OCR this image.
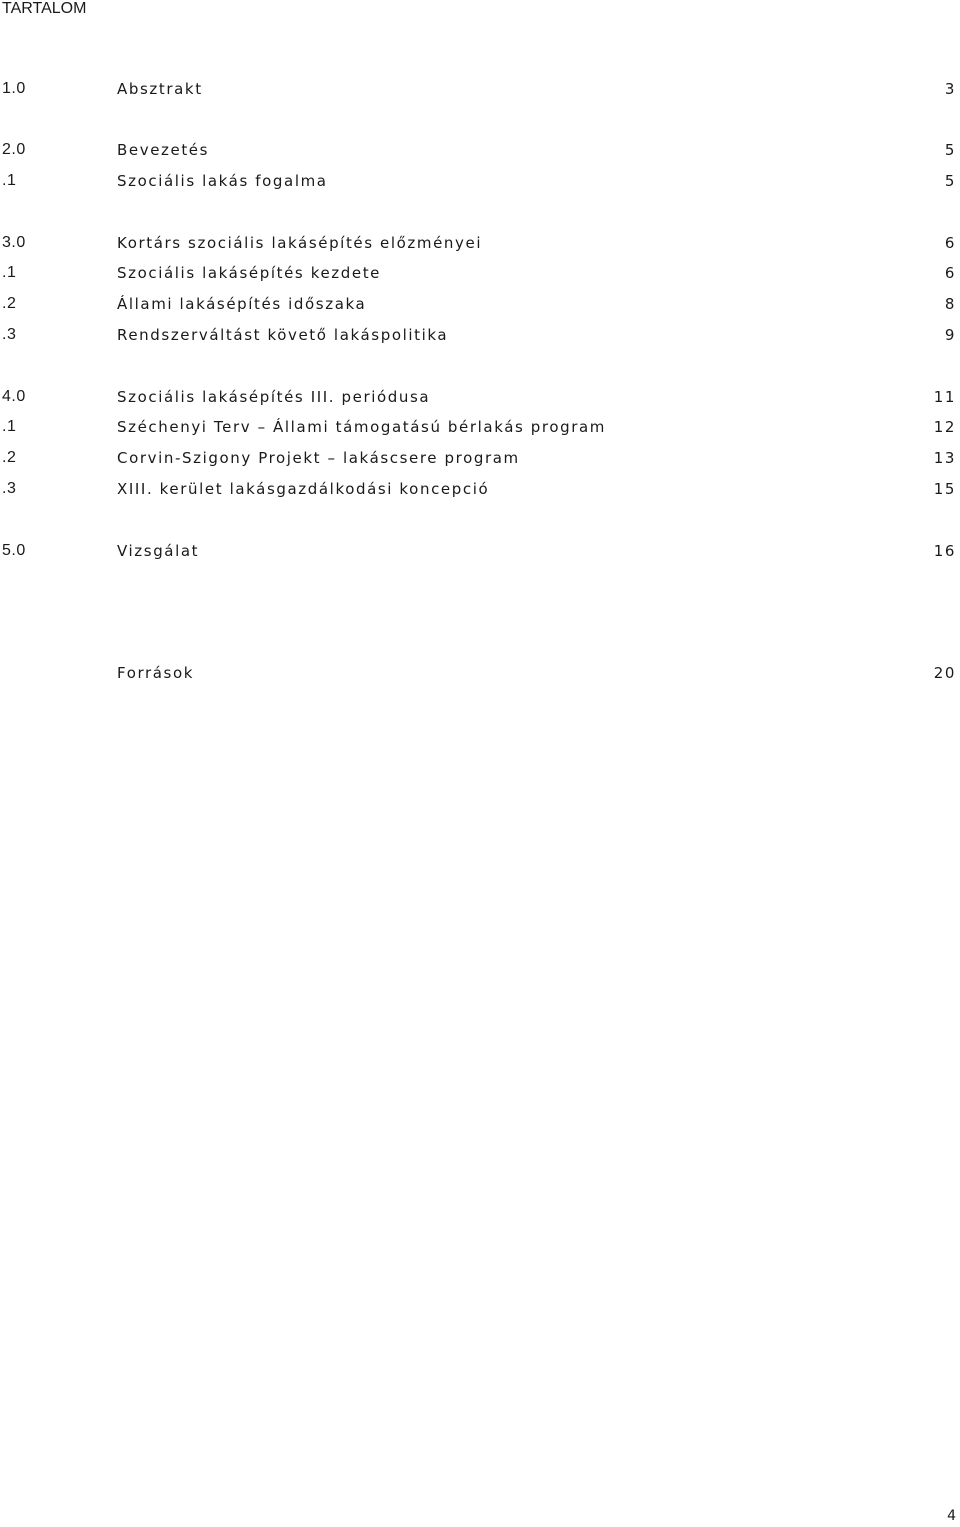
TARTALOM
1.0	Absztrakt	3
2.0	Bevezetés	5
.1	Szociális lakás fogalma	5
3.0	Kortárs szociális lakásépítés előzményei	6
.1	Szociális lakásépítés kezdete	6
.2	Állami lakásépítés időszaka	8
.3	Rendszerváltást követő lakáspolitika	9
4.0	Szociális lakásépítés III. periódusa	11
.1	Széchenyi Terv – Állami támogatású bérlakás program	12
.2	Corvin-Szigony Projekt – lakáscsere program	13
.3	XIII. kerület lakásgazdálkodási koncepció	15
5.0	Vizsgálat	16
Források	20
4
